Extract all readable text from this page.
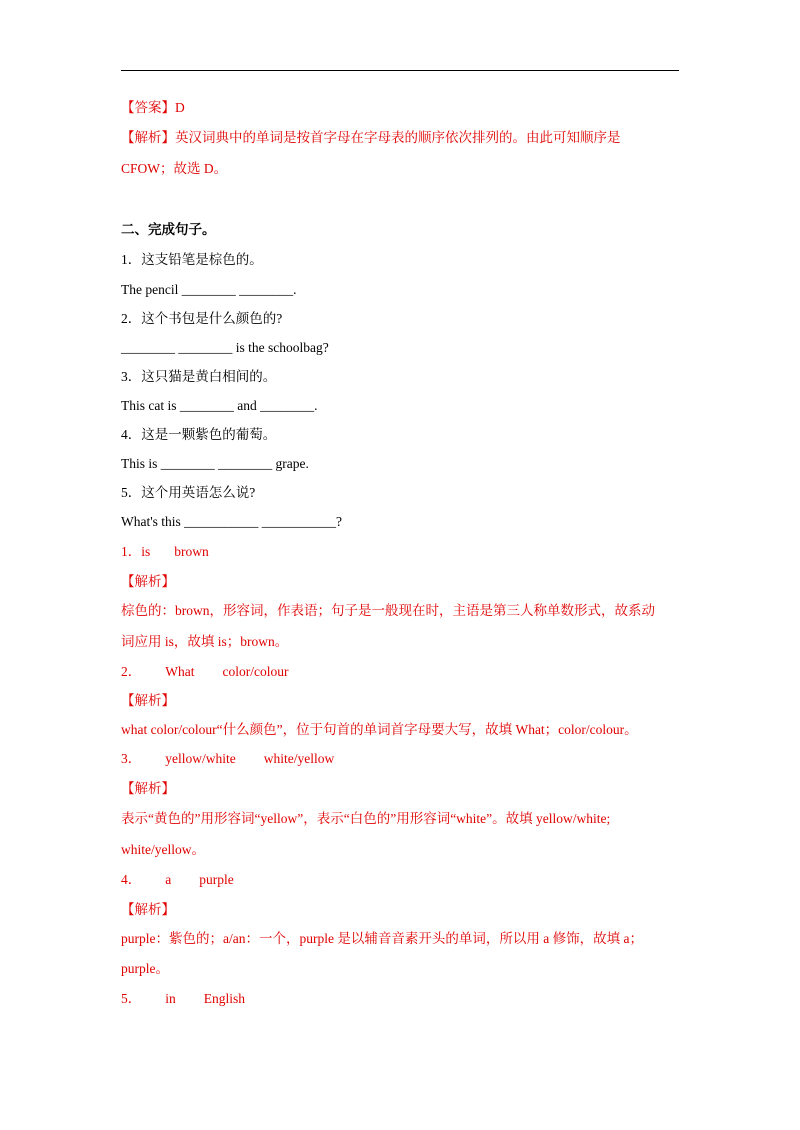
【答案】D
【解析】英汉词典中的单词是按首字母在字母表的顺序依次排列的。由此可知顺序是
CFOW；故选 D。
二、完成句子。
1．这支铅笔是棕色的。
The pencil ________ ________.
2．这个书包是什么颜色的?
________ ________ is the schoolbag?
3．这只猫是黄白相间的。
This cat is ________ and ________.
4．这是一颗紫色的葡萄。
This is ________ ________ grape.
5．这个用英语怎么说?
What's this ___________ ___________?
1．is brown
【解析】
棕色的：brown，形容词，作表语；句子是一般现在时，主语是第三人称单数形式，故系动
词应用 is，故填 is；brown。
2． What color/colour
【解析】
what color/colour“什么颜色”，位于句首的单词首字母要大写，故填 What；color/colour。
3． yellow/white white/yellow
【解析】
表示“黄色的”用形容词“yellow”，表示“白色的”用形容词“white”。故填 yellow/white;
white/yellow。
4． a purple
【解析】
purple：紫色的；a/an：一个，purple 是以辅音音素开头的单词，所以用 a 修饰，故填 a；
purple。
5． in English
